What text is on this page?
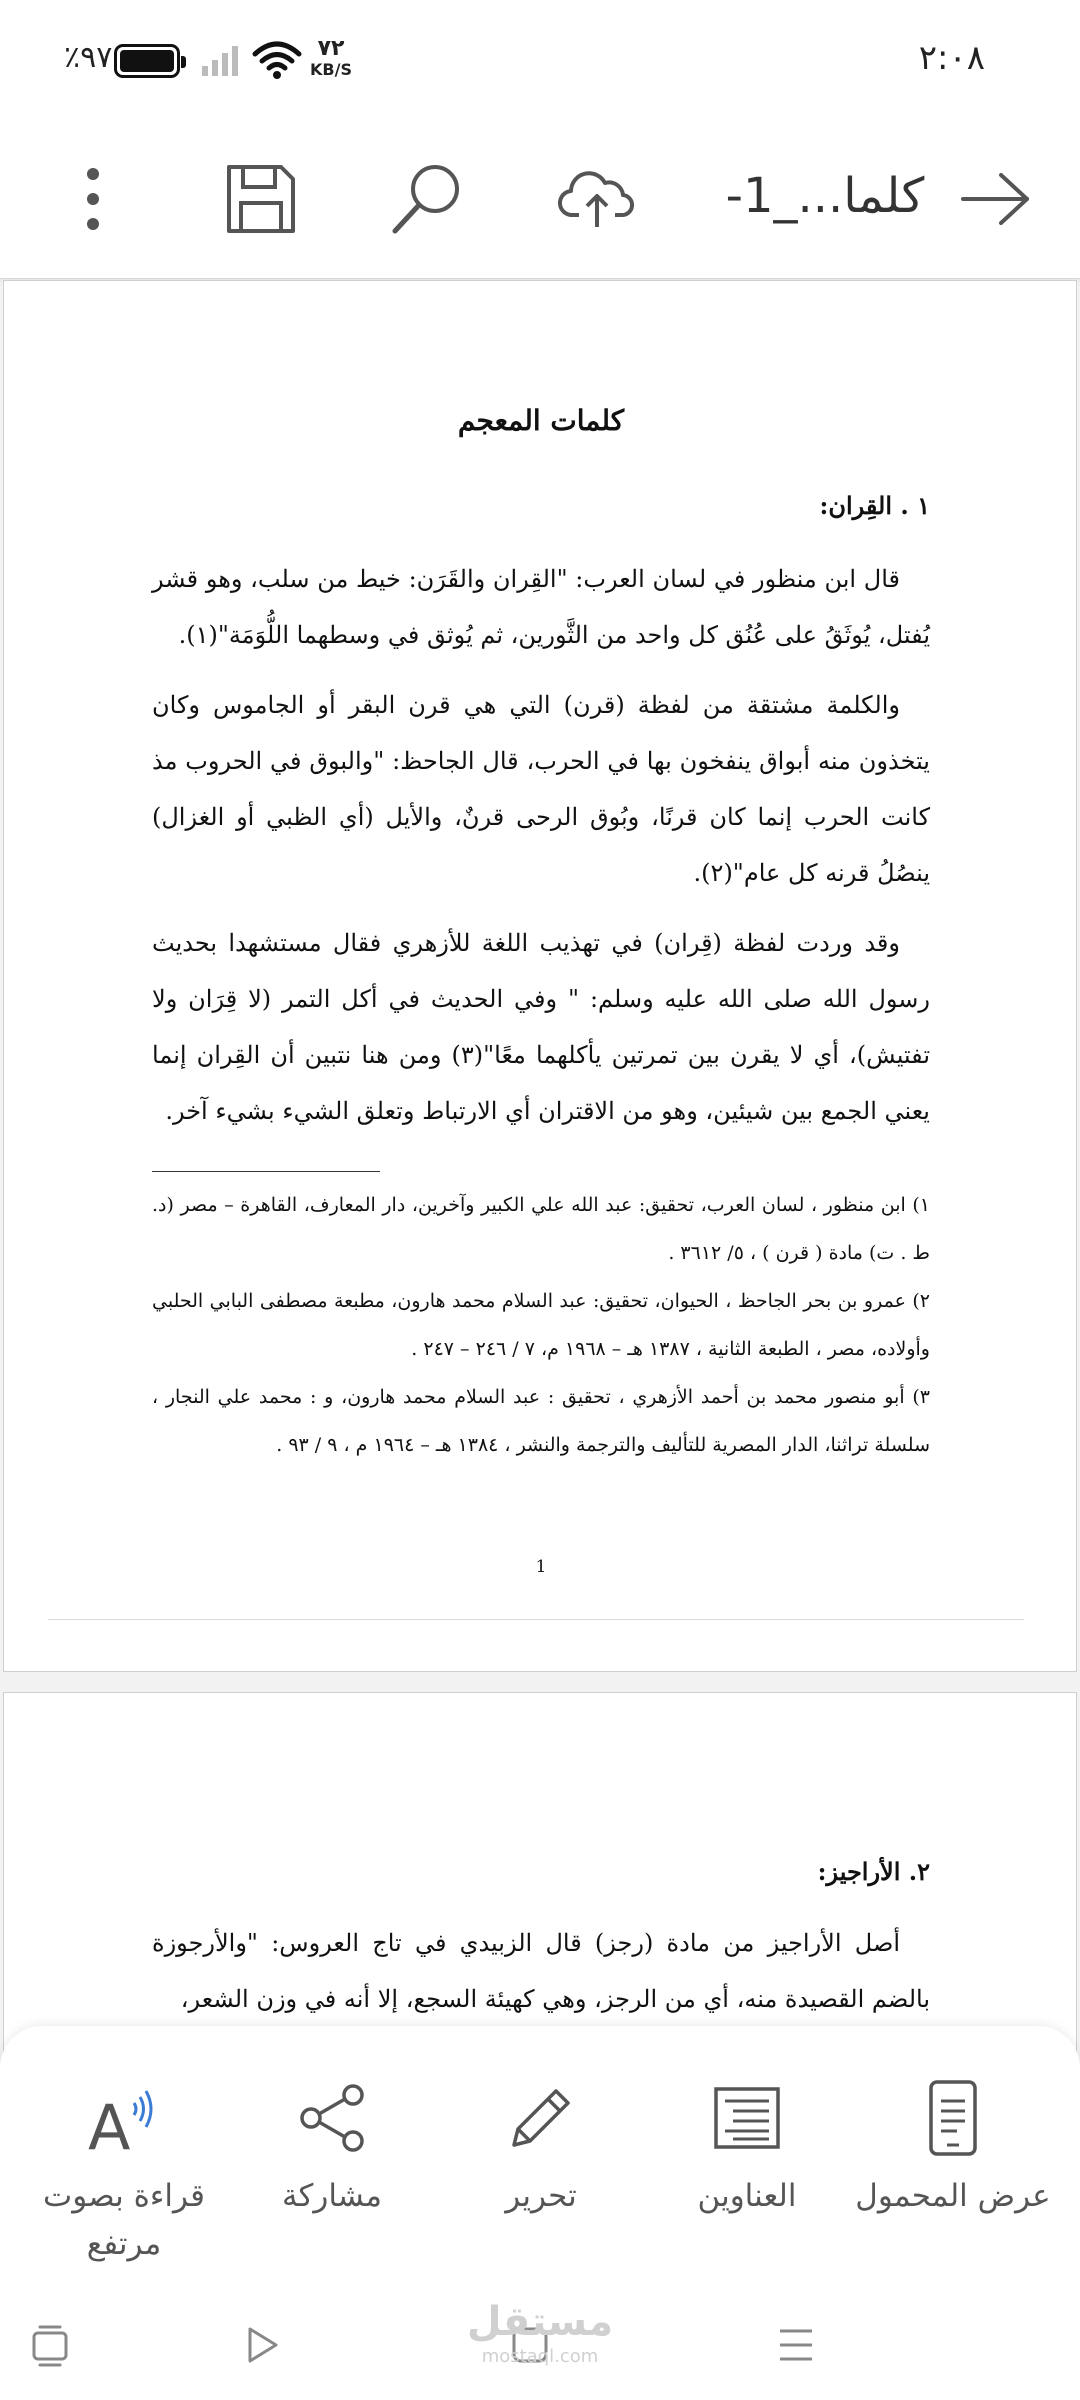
٪٩٧	٧٢
KB/S	٢:٠٨
كلما..._1-
كلمات المعجم
١ . القِران:

قال ابن منظور في لسان العرب: "القِران والقَرَن: خيط من سلب، وهو قشر يُفتل، يُوثَقُ على عُنُق كل واحد من الثَّورين، ثم يُوثق في وسطهما اللُّوَمَة"(١).

والكلمة مشتقة من لفظة (قرن) التي هي قرن البقر أو الجاموس وكان يتخذون منه أبواق ينفخون بها في الحرب، قال الجاحظ: "والبوق في الحروب مذ كانت الحرب إنما كان قرنًا، وبُوق الرحى قرنٌ، والأيل (أي الظبي أو الغزال) ينصُلُ قرنه كل عام"(٢).

وقد وردت لفظة (قِران) في تهذيب اللغة للأزهري فقال مستشهدا بحديث رسول الله صلى الله عليه وسلم: " وفي الحديث في أكل التمر (لا قِرَان ولا تفتيش)، أي لا يقرن بين تمرتين يأكلهما معًا"(٣) ومن هنا نتبين أن القِران إنما يعني الجمع بين شيئين، وهو من الاقتران أي الارتباط وتعلق الشيء بشيء آخر.

١) ابن منظور ، لسان العرب، تحقيق: عبد الله علي الكبير وآخرين، دار المعارف، القاهرة – مصر (د. ط . ت) مادة ( قرن ) ، ٥/ ٣٦١٢ .

٢) عمرو بن بحر الجاحظ ، الحيوان، تحقيق: عبد السلام محمد هارون، مطبعة مصطفى البابي الحلبي وأولاده، مصر ، الطبعة الثانية ، ١٣٨٧ هـ – ١٩٦٨ م، ٧ / ٢٤٦ – ٢٤٧ .

٣) أبو منصور محمد بن أحمد الأزهري ، تحقيق : عبد السلام محمد هارون، و : محمد علي النجار ، سلسلة تراثنا، الدار المصرية للتأليف والترجمة والنشر ، ١٣٨٤ هـ – ١٩٦٤ م ، ٩ / ٩٣ .

1
٢. الأراجيز:

أصل الأراجيز من مادة (رجز) قال الزبيدي في تاج العروس: "والأرجوزة بالضم القصيدة منه، أي من الرجز، وهي كهيئة السجع، إلا أنه في وزن الشعر،

عرض المحمول
العناوين
تحرير
مشاركة
A
قراءة بصوت مرتفع
مستقل
mostaql.com
